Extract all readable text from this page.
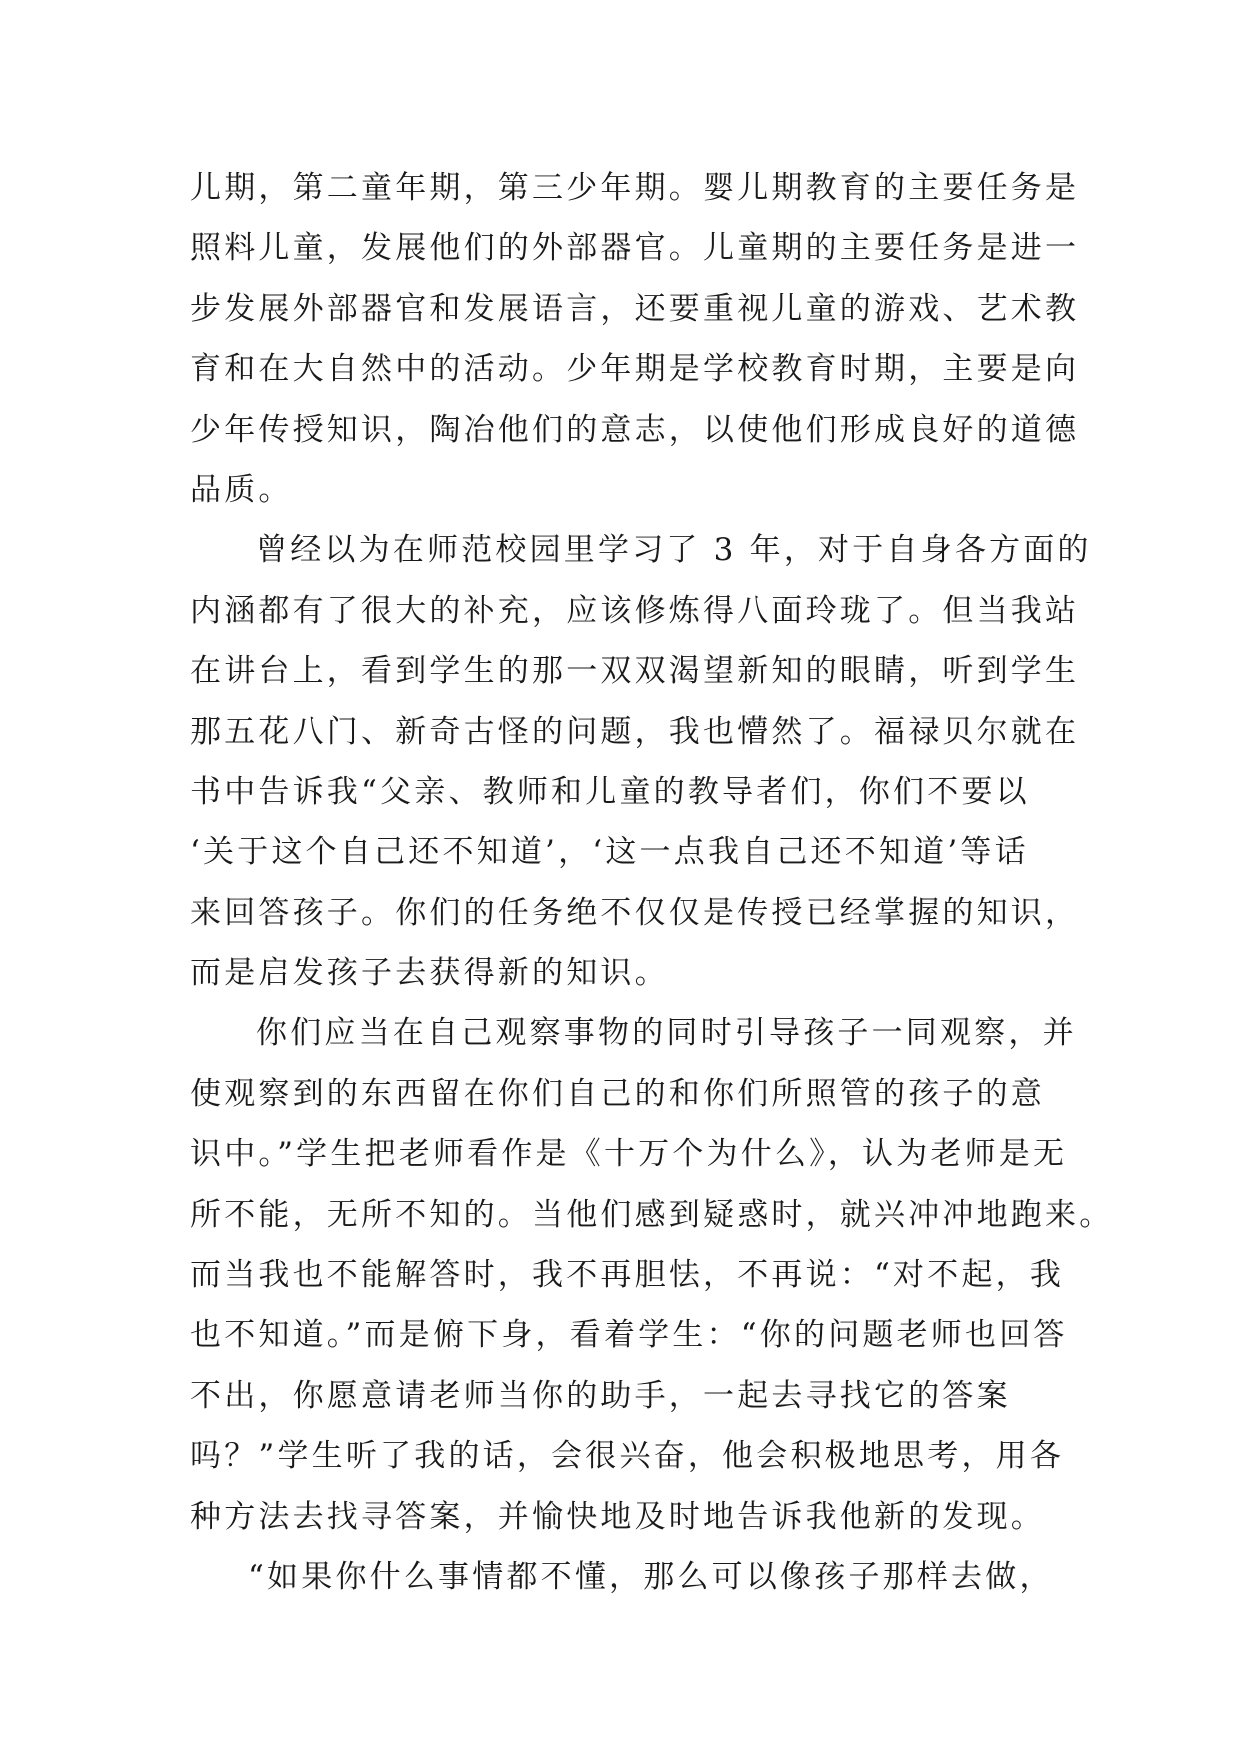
儿期，第二童年期，第三少年期。婴儿期教育的主要任务是
照料儿童，发展他们的外部器官。儿童期的主要任务是进一
步发展外部器官和发展语言，还要重视儿童的游戏、艺术教
育和在大自然中的活动。少年期是学校教育时期，主要是向
少年传授知识，陶冶他们的意志，以使他们形成良好的道德
品质。
曾经以为在师范校园里学习了 3 年，对于自身各方面的
内涵都有了很大的补充，应该修炼得八面玲珑了。但当我站
在讲台上，看到学生的那一双双渴望新知的眼睛，听到学生
那五花八门、新奇古怪的问题，我也懵然了。福禄贝尔就在
书中告诉我“父亲、教师和儿童的教导者们，你们不要以
‘关于这个自己还不知道’，‘这一点我自己还不知道’等话
来回答孩子。你们的任务绝不仅仅是传授已经掌握的知识，
而是启发孩子去获得新的知识。
你们应当在自己观察事物的同时引导孩子一同观察，并
使观察到的东西留在你们自己的和你们所照管的孩子的意
识中。”学生把老师看作是《十万个为什么》，认为老师是无
所不能，无所不知的。当他们感到疑惑时，就兴冲冲地跑来。
而当我也不能解答时，我不再胆怯，不再说：“对不起，我
也不知道。”而是俯下身，看着学生：“你的问题老师也回答
不出，你愿意请老师当你的助手，一起去寻找它的答案
吗？”学生听了我的话，会很兴奋，他会积极地思考，用各
种方法去找寻答案，并愉快地及时地告诉我他新的发现。
“如果你什么事情都不懂，那么可以像孩子那样去做，
